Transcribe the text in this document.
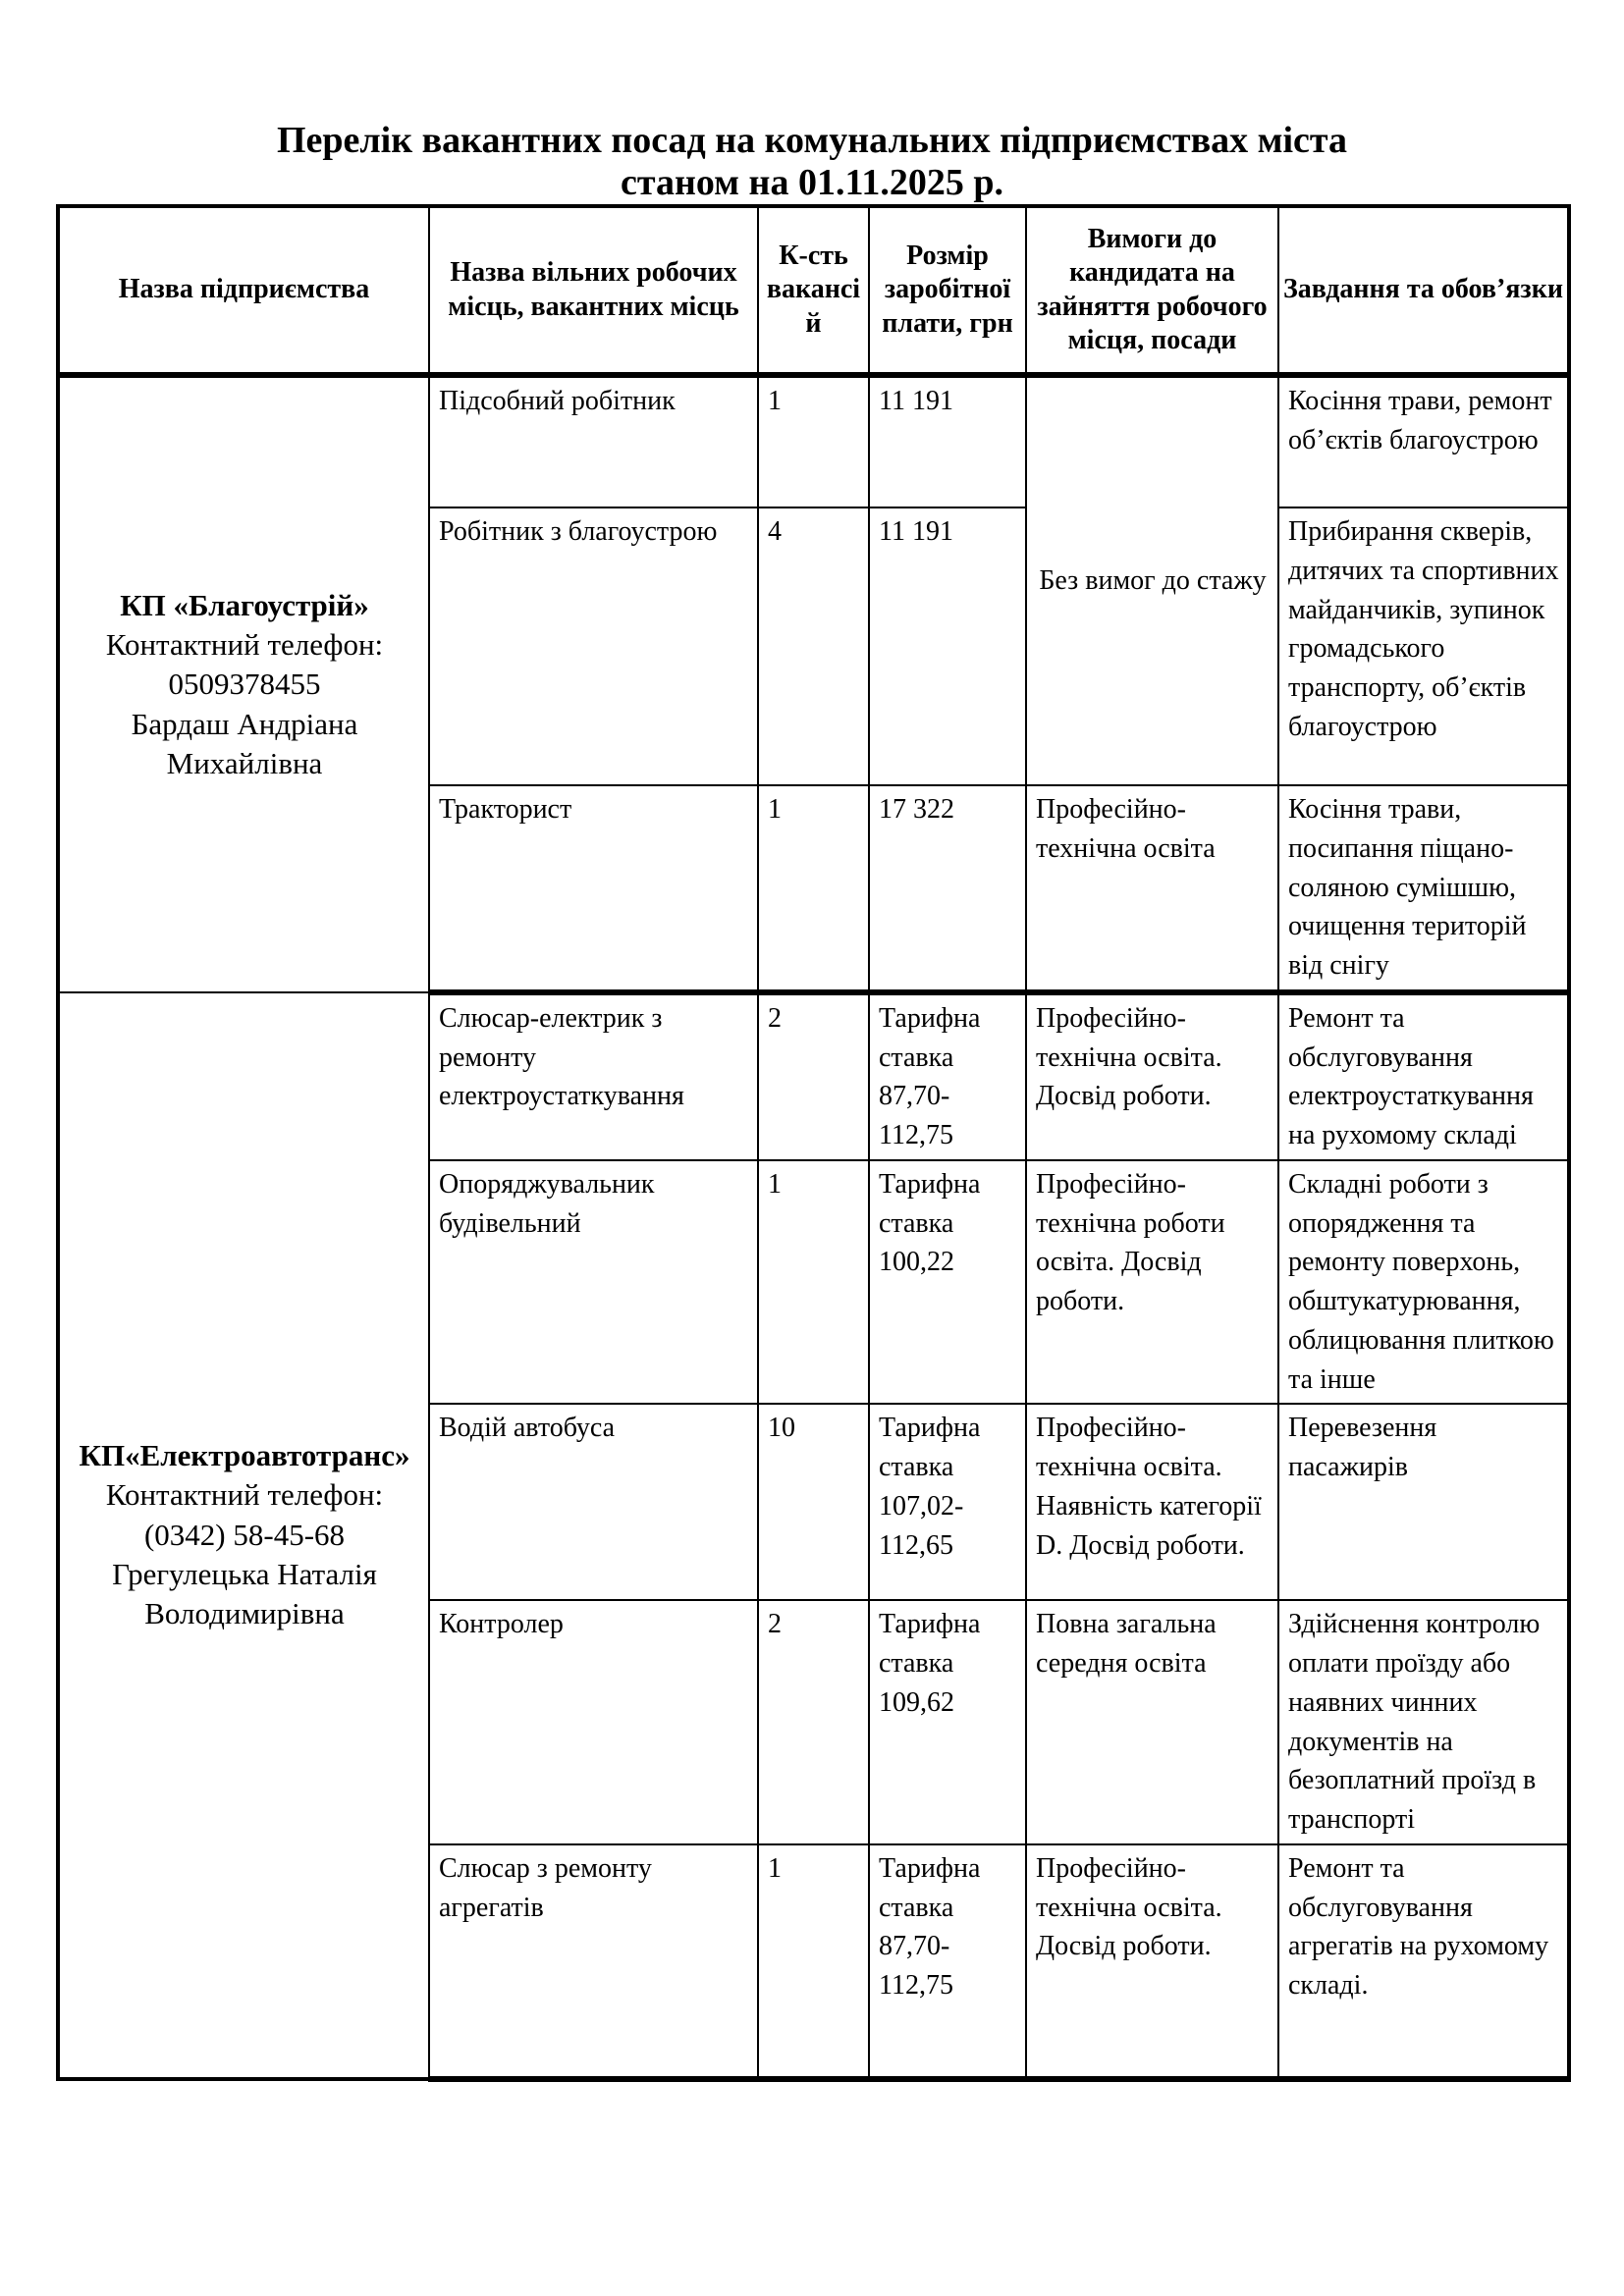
Перелік вакантних посад на комунальних підприємствах міста
станом на 01.11.2025 р.
Назва підприємства	Назва вільних робочих місць, вакантних місць	К-сть вакансій	Розмір заробітної плати, грн	Вимоги до кандидата на зайняття робочого місця, посади	Завдання та обов’язки

КП «Благоустрій»
Контактний телефон:
0509378455
Бардаш Андріана Михайлівна	Підсобний робітник	1	11 191	Без вимог до стажу	Косіння трави, ремонт об’єктів благоустрою
	Робітник з благоустрою	4	11 191		Прибирання скверів, дитячих та спортивних майданчиків, зупинок громадського транспорту, об’єктів благоустрою
	Тракторист	1	17 322	Професійно-технічна освіта	Косіння трави, посипання піщано-соляною сумішшю, очищення територій від снігу

КП«Електроавтотранс»
Контактний телефон:
(0342) 58-45-68
Грегулецька Наталія Володимирівна	Слюсар-електрик з ремонту електроустаткування	2	Тарифна ставка 87,70-112,75	Професійно-технічна освіта. Досвід роботи.	Ремонт та обслуговування електроустаткування на рухомому складі
	Опоряджувальник будівельний	1	Тарифна ставка 100,22	Професійно-технічна роботи освіта. Досвід роботи.	Складні роботи з опорядження та ремонту поверхонь, обштукатурювання, облицювання плиткою та інше
	Водій автобуса	10	Тарифна ставка 107,02-112,65	Професійно-технічна освіта. Наявність категорії D. Досвід роботи.	Перевезення пасажирів
	Контролер	2	Тарифна ставка 109,62	Повна загальна середня освіта	Здійснення контролю оплати проїзду або наявних чинних документів на безоплатний проїзд в транспорті
	Слюсар з ремонту агрегатів	1	Тарифна ставка 87,70-112,75	Професійно-технічна освіта. Досвід роботи.	Ремонт та обслуговування агрегатів на рухомому складі.
